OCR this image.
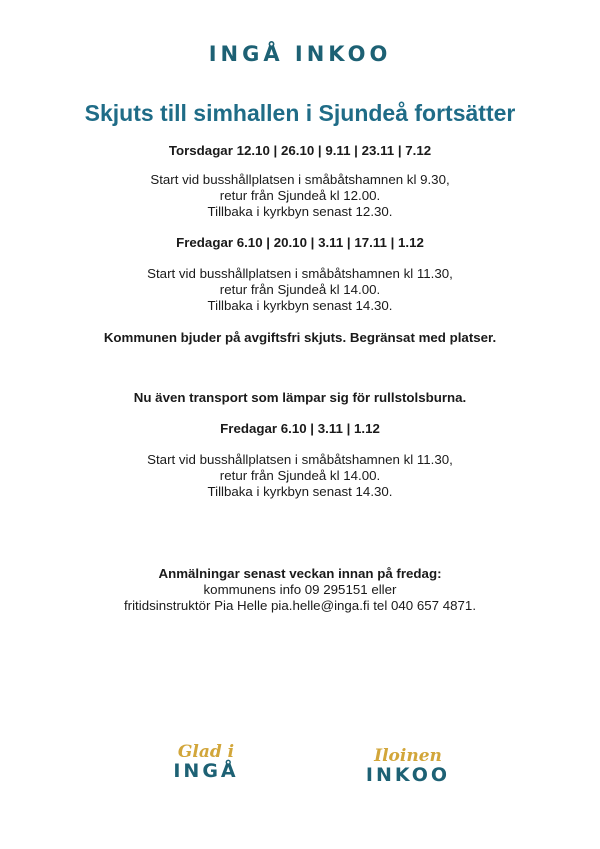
INGÅ INKOO
Skjuts till simhallen i Sjundeå fortsätter
Torsdagar 12.10 | 26.10 | 9.11 | 23.11 | 7.12
Start vid busshållplatsen i småbåtshamnen kl 9.30,
retur från Sjundeå kl 12.00.
Tillbaka i kyrkbyn senast 12.30.
Fredagar 6.10 | 20.10 | 3.11 | 17.11 | 1.12
Start vid busshållplatsen i småbåtshamnen kl 11.30,
retur från Sjundeå kl 14.00.
Tillbaka i kyrkbyn senast 14.30.
Kommunen bjuder på avgiftsfri skjuts. Begränsat med platser.
Nu även transport som lämpar sig för rullstolsburna.
Fredagar 6.10 | 3.11 | 1.12
Start vid busshållplatsen i småbåtshamnen kl 11.30,
retur från Sjundeå kl 14.00.
Tillbaka i kyrkbyn senast 14.30.
Anmälningar senast veckan innan på fredag:
kommunens info 09 295151 eller
fritidsinstruktör Pia Helle pia.helle@inga.fi tel 040 657 4871.
Glad i
INGÅ
Iloinen
INKOO
